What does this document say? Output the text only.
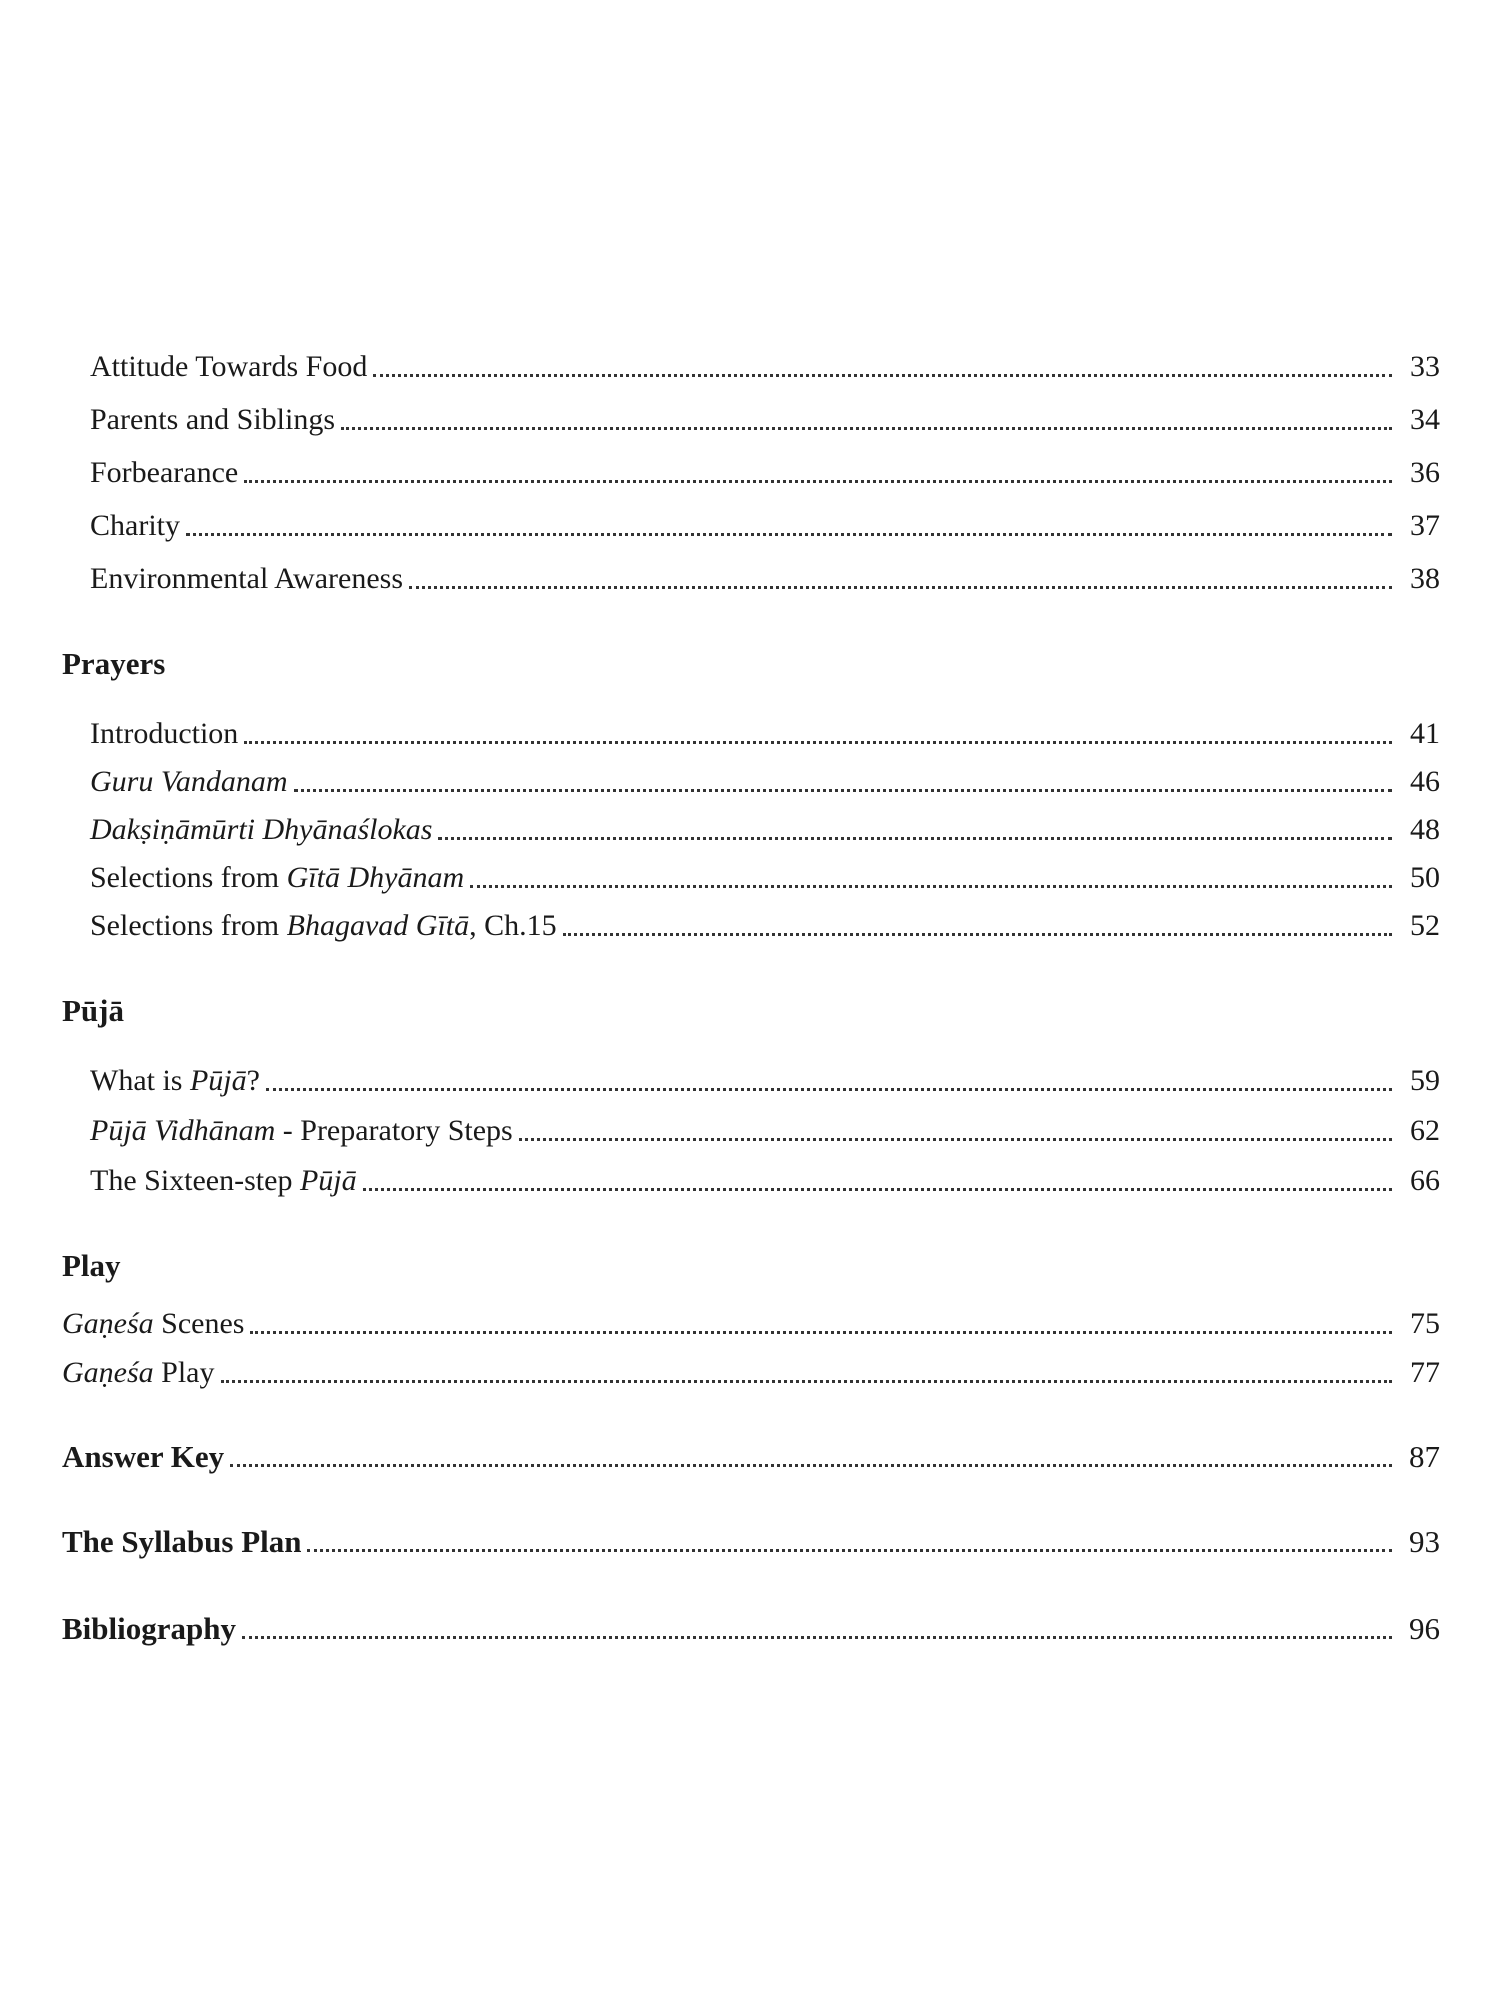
Attitude Towards Food	33
Parents and Siblings	34
Forbearance	36
Charity	37
Environmental Awareness	38
Prayers
Introduction	41
Guru Vandanam	46
Dakṣiṇāmūrti Dhyānaślokas	48
Selections from Gītā Dhyānam	50
Selections from Bhagavad Gītā, Ch.15	52
Pūjā
What is Pūjā?	59
Pūjā Vidhānam - Preparatory Steps	62
The Sixteen-step Pūjā	66
Play
Gaṇeśa Scenes	75
Gaṇeśa Play	77
Answer Key	87
The Syllabus Plan	93
Bibliography	96
